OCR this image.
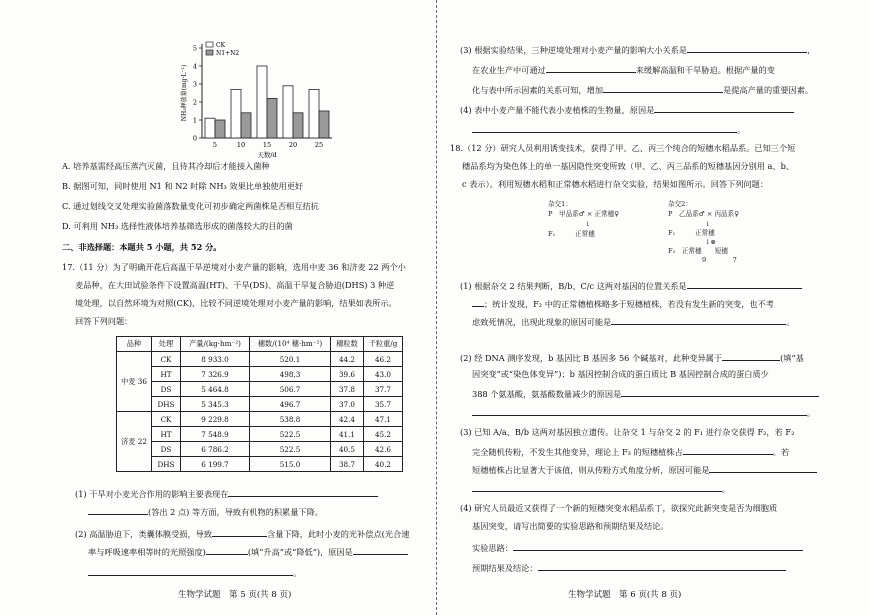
0
1
2
3
4
5
5	10	15	20	25
天数/d
NH₃释放量(mg·L⁻¹)
CK
N1+N2
A. 培养基需经高压蒸汽灭菌，且待其冷却后才能接入菌种
B. 据图可知，同时使用 N1 和 N2 时除 NH₃ 效果比单独使用更好
C. 通过划线交叉处理实验菌落数量变化可初步确定两菌株是否相互拮抗
D. 可利用 NH₃ 选择性液体培养基筛选形成的菌落较大的目的菌
二、非选择题：本题共 5 小题，共 52 分。
17.（11 分）为了明确开花后高温干旱逆境对小麦产量的影响，选用中麦 36 和济麦 22 两个小
麦品种，在大田试验条件下设置高温(HT)、干旱(DS)、高温干旱复合胁迫(DHS) 3 种逆
境处理，以自然环境为对照(CK)，比较不同逆境处理对小麦产量的影响，结果如表所示。
回答下列问题：
品种	处理	产量/(kg·hm⁻²)	穗数/(10⁴ 穗·hm⁻²)	穗粒数	千粒重/g
中麦 36	CK	8 933.0	520.1	44.2	46.2
	HT	7 326.9	498.3	39.6	43.0
	DS	5 464.8	506.7	37.8	37.7
	DHS	5 345.3	496.7	37.0	35.7
济麦 22	CK	9 229.8	538.8	42.4	47.1
	HT	7 548.9	522.5	41.1	45.2
	DS	6 786.2	522.5	40.5	42.6
	DHS	6 199.7	515.0	38.7	40.2
(1) 干旱对小麦光合作用的影响主要表现在
(答出 2 点) 等方面，导致有机物的积累量下降。
(2) 高温胁迫下，类囊体膜受损，导致	含量下降，此时小麦的光补偿点(光合速
率与呼吸速率相等时的光照强度)	(填“升高”或“降低”)，原因是
。
生物学试题　第 5 页(共 8 页)
(3) 根据实验结果，三种逆境处理对小麦产量的影响大小关系是	，
在农业生产中可通过	来缓解高温和干旱胁迫。根据产量的变
化与表中所示因素的关系可知，增加	是提高产量的重要因素。
(4) 表中小麦产量不能代表小麦植株的生物量，原因是
。
18.（12 分）研究人员利用诱变技术，获得了甲、乙、丙三个纯合的短穗水稻品系。已知三个短
穗品系均为染色体上的单一基因隐性突变所致（甲、乙、丙三品系的短穗基因分别用 a、b、
c 表示）。利用短穗水稻和正常穗水稻进行杂交实验，结果如图所示。回答下列问题：
杂交1：
P　甲品系♂ × 正常穗♀
↓
F₁　　　正常穗
杂交2：
P　乙品系♂ × 丙品系♀
↓
F₁　　　正常穗
↓⊗
F₂　正常穗　　短穗
9　　　　7
(1) 根据杂交 2 结果判断，B/b、C/c 这两对基因的位置关系是
；统计发现，F₂ 中的正常穗植株略多于短穗植株，若没有发生新的突变，也不考
虑致死情况，出现此现象的原因可能是	。
(2) 经 DNA 测序发现，b 基因比 B 基因多 56 个碱基对，此种变异属于	(填“基
因突变”或“染色体变异”)；b 基因控制合成的蛋白质比 B 基因控制合成的蛋白质少
388 个氨基酸，氨基酸数量减少的原因是
。
(3) 已知 A/a、B/b 这两对基因独立遗传。让杂交 1 与杂交 2 的 F₁ 进行杂交获得 F₂，若 F₂
完全随机传粉，不发生其他变异，理论上 F₃ 的短穗植株占	。若
短穗植株占比显著大于该值，则从传粉方式角度分析，原因可能是
。
(4) 研究人员最近又获得了一个新的短穗突变水稻品系丁，欲探究此新突变是否为细胞质
基因突变，请写出简要的实验思路和预期结果及结论。
实验思路：
预期结果及结论：
生物学试题　第 6 页(共 8 页)
